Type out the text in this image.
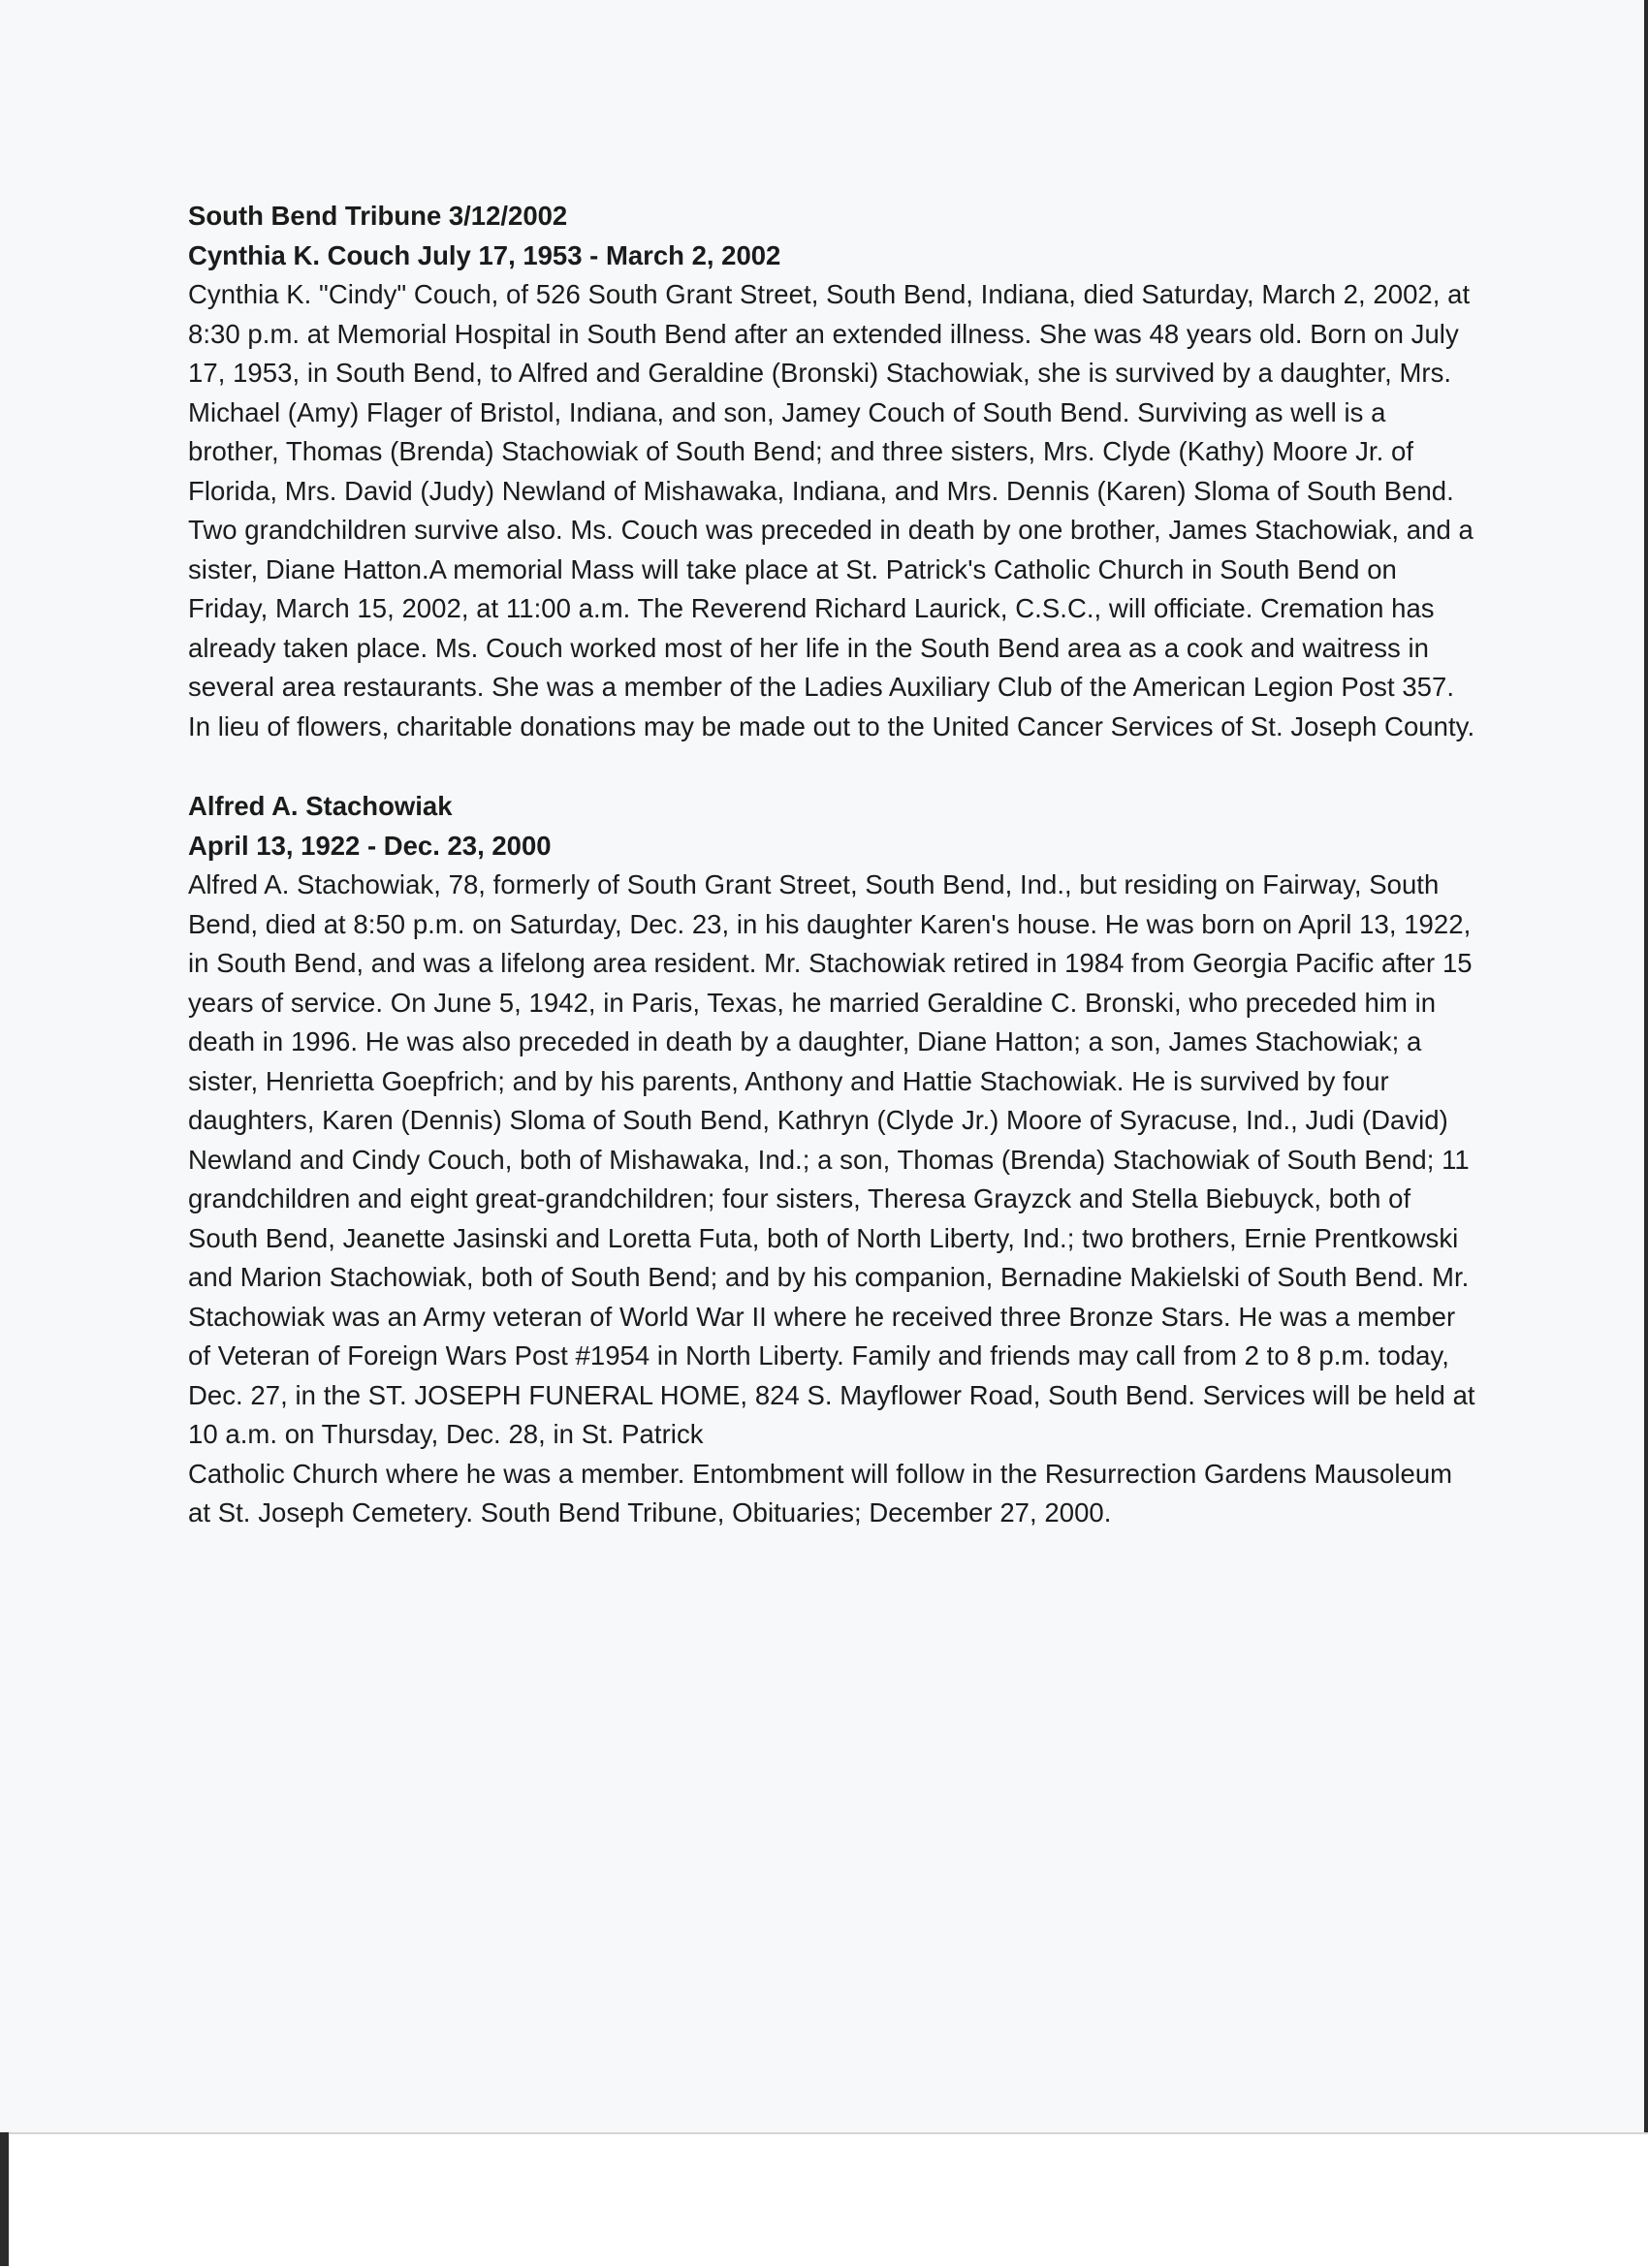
South Bend Tribune 3/12/2002

Cynthia K. Couch July 17, 1953 - March 2, 2002

Cynthia K. "Cindy" Couch, of 526 South Grant Street, South Bend, Indiana, died Saturday, March 2, 2002, at 8:30 p.m. at Memorial Hospital in South Bend after an extended illness. She was 48 years old. Born on July 17, 1953, in South Bend, to Alfred and Geraldine (Bronski) Stachowiak, she is survived by a daughter, Mrs. Michael (Amy) Flager of Bristol, Indiana, and son, Jamey Couch of South Bend. Surviving as well is a brother, Thomas (Brenda) Stachowiak of South Bend; and three sisters, Mrs. Clyde (Kathy) Moore Jr. of Florida, Mrs. David (Judy) Newland of Mishawaka, Indiana, and Mrs. Dennis (Karen) Sloma of South Bend. Two grandchildren survive also. Ms. Couch was preceded in death by one brother, James Stachowiak, and a sister, Diane Hatton.A memorial Mass will take place at St. Patrick's Catholic Church in South Bend on Friday, March 15, 2002, at 11:00 a.m. The Reverend Richard Laurick, C.S.C., will officiate. Cremation has already taken place. Ms. Couch worked most of her life in the South Bend area as a cook and waitress in several area restaurants. She was a member of the Ladies Auxiliary Club of the American Legion Post 357. In lieu of flowers, charitable donations may be made out to the United Cancer Services of St. Joseph County.

Alfred A. Stachowiak

April 13, 1922 - Dec. 23, 2000

Alfred A. Stachowiak, 78, formerly of South Grant Street, South Bend, Ind., but residing on Fairway, South Bend, died at 8:50 p.m. on Saturday, Dec. 23, in his daughter Karen's house. He was born on April 13, 1922, in South Bend, and was a lifelong area resident. Mr. Stachowiak retired in 1984 from Georgia Pacific after 15 years of service. On June 5, 1942, in Paris, Texas, he married Geraldine C. Bronski, who preceded him in death in 1996. He was also preceded in death by a daughter, Diane Hatton; a son, James Stachowiak; a sister, Henrietta Goepfrich; and by his parents, Anthony and Hattie Stachowiak. He is survived by four daughters, Karen (Dennis) Sloma of South Bend, Kathryn (Clyde Jr.) Moore of Syracuse, Ind., Judi (David) Newland and Cindy Couch, both of Mishawaka, Ind.; a son, Thomas (Brenda) Stachowiak of South Bend; 11 grandchildren and eight great-grandchildren; four sisters, Theresa Grayzck and Stella Biebuyck, both of South Bend, Jeanette Jasinski and Loretta Futa, both of North Liberty, Ind.; two brothers, Ernie Prentkowski and Marion Stachowiak, both of South Bend; and by his companion, Bernadine Makielski of South Bend. Mr. Stachowiak was an Army veteran of World War II where he received three Bronze Stars. He was a member of Veteran of Foreign Wars Post #1954 in North Liberty. Family and friends may call from 2 to 8 p.m. today, Dec. 27, in the ST. JOSEPH FUNERAL HOME, 824 S. Mayflower Road, South Bend. Services will be held at 10 a.m. on Thursday, Dec. 28, in St. Patrick

Catholic Church where he was a member. Entombment will follow in the Resurrection Gardens Mausoleum at St. Joseph Cemetery. South Bend Tribune, Obituaries; December 27, 2000.
